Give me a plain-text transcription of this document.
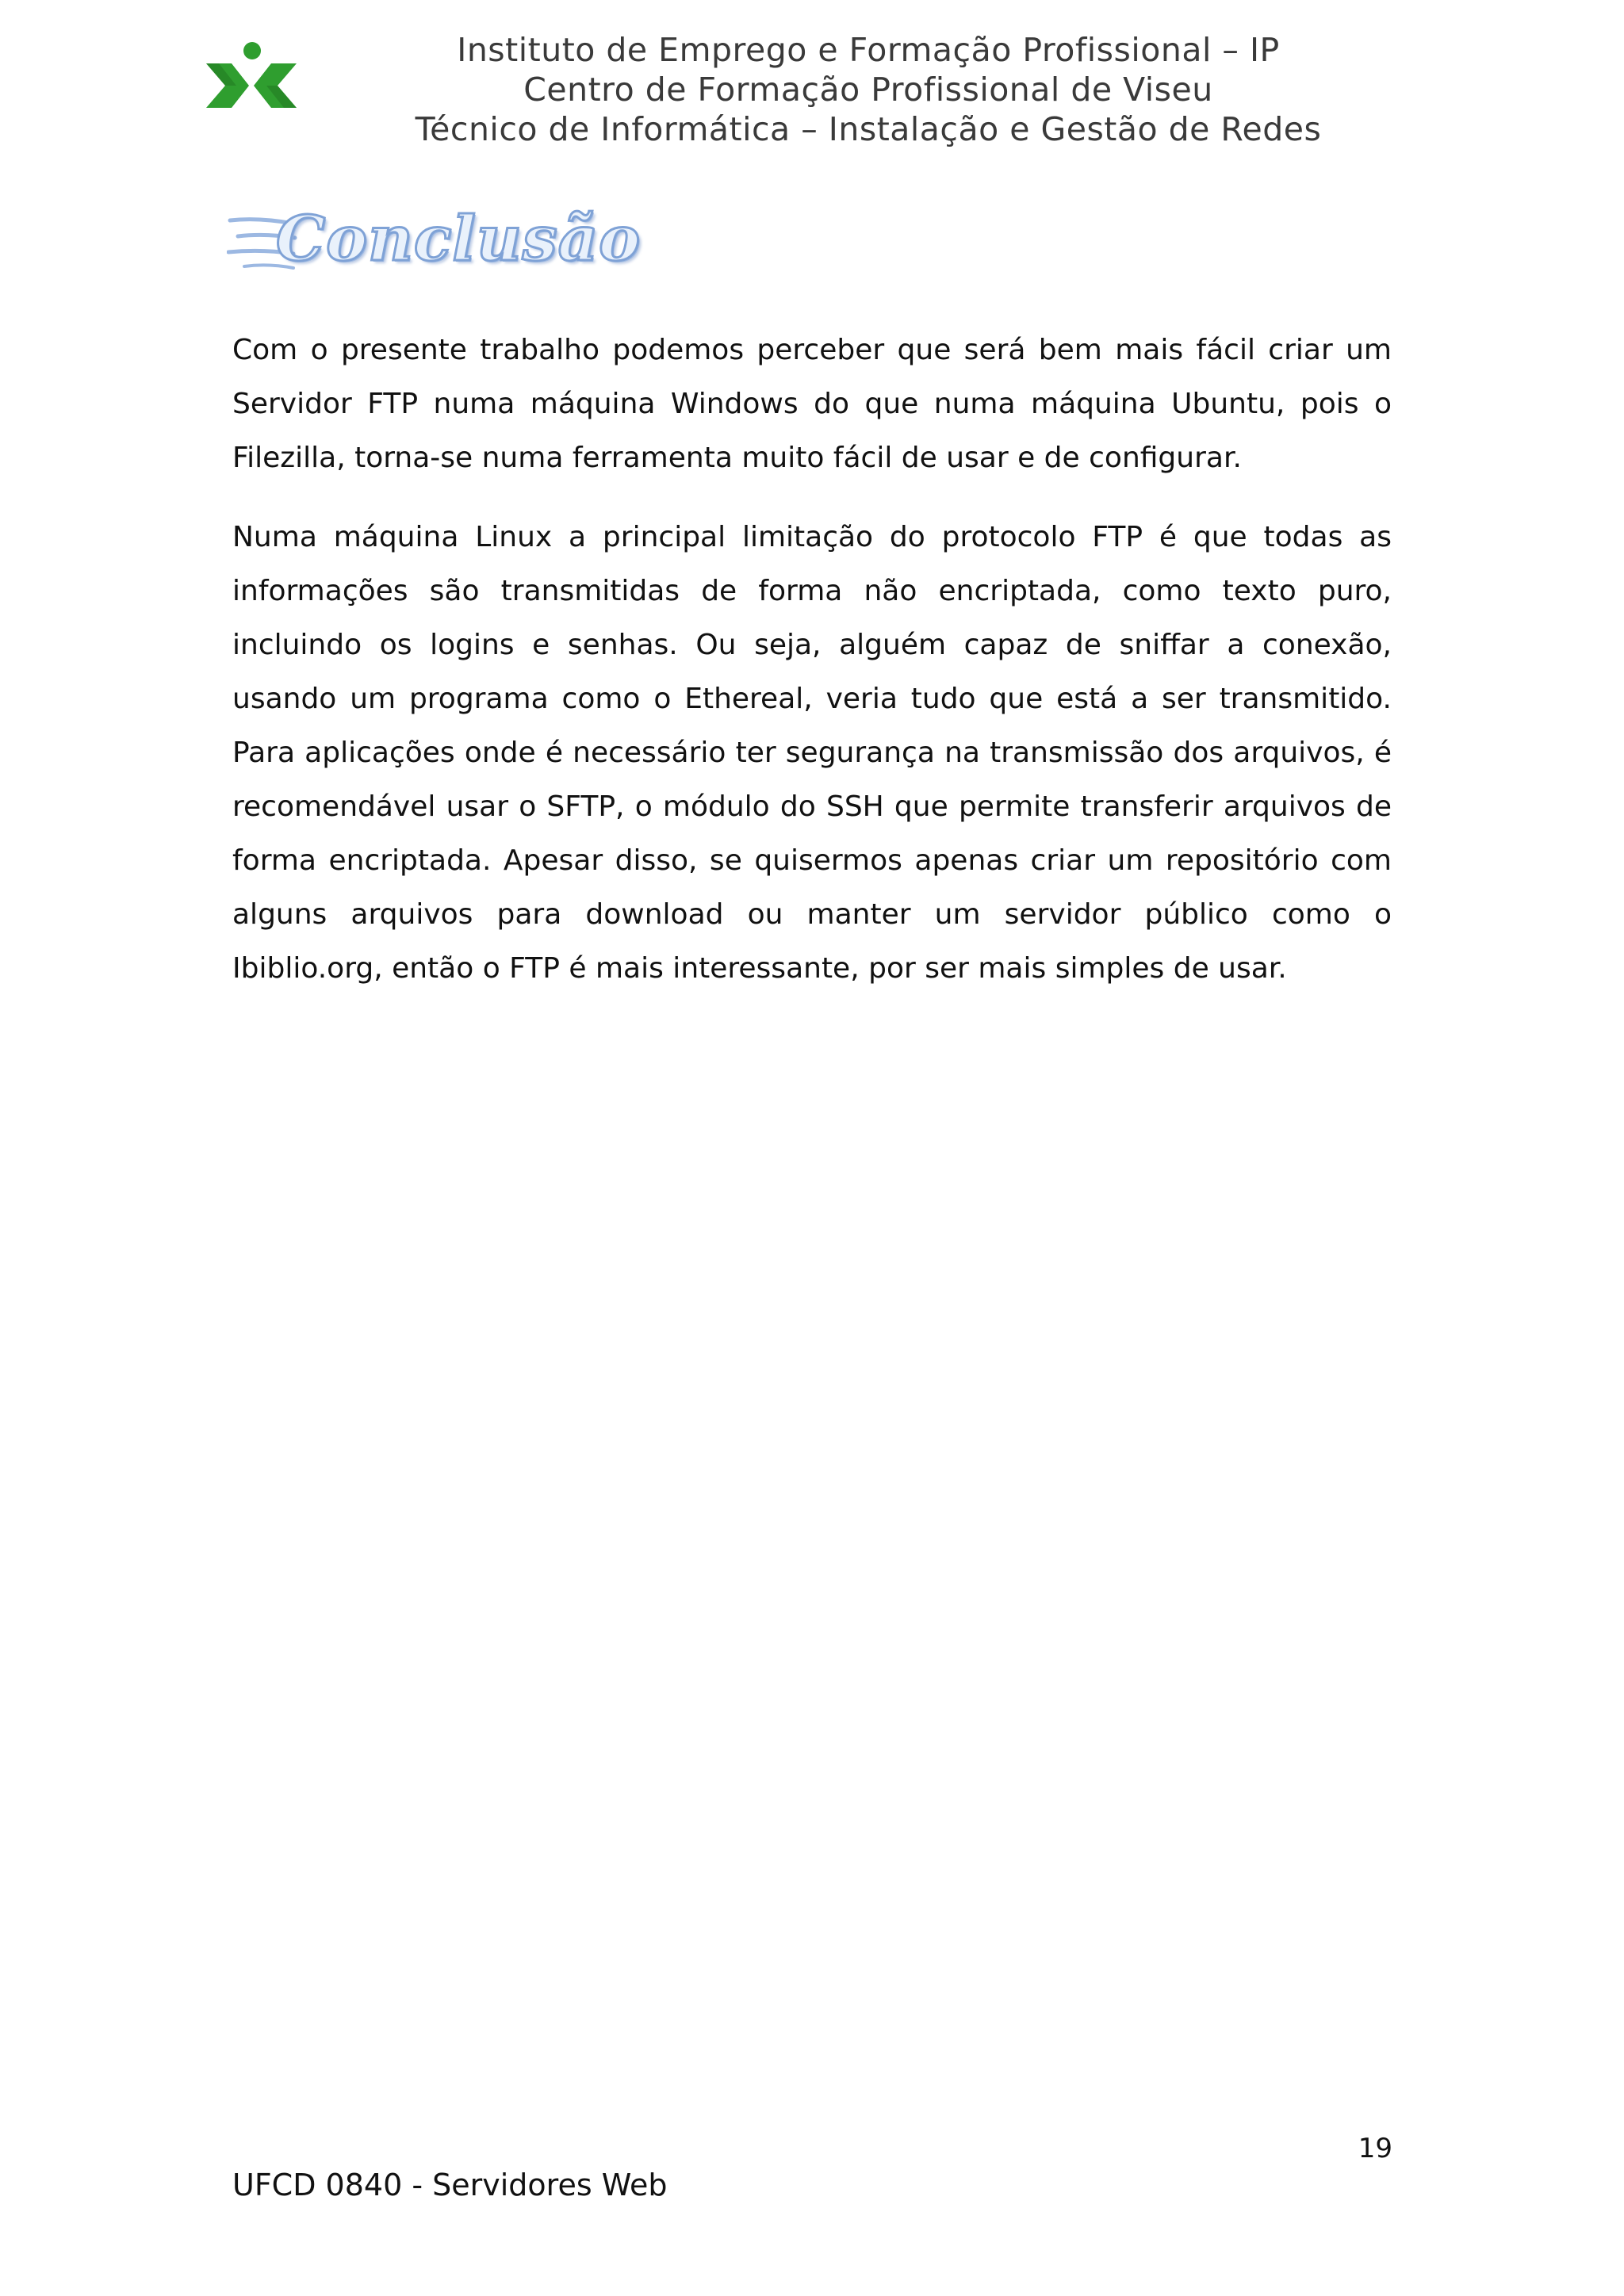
Instituto de Emprego e Formação Profissional – IP
Centro de Formação Profissional de Viseu
Técnico de Informática – Instalação e Gestão de Redes
Conclusão

Com o presente trabalho podemos perceber que será bem mais fácil criar um Servidor FTP numa máquina Windows do que numa máquina Ubuntu, pois o Filezilla, torna-se numa ferramenta muito fácil de usar e de configurar.

Numa máquina Linux a principal limitação do protocolo FTP é que todas as informações são transmitidas de forma não encriptada, como texto puro, incluindo os logins e senhas. Ou seja, alguém capaz de sniffar a conexão, usando um programa como o Ethereal, veria tudo que está a ser transmitido. Para aplicações onde é necessário ter segurança na transmissão dos arquivos, é recomendável usar o SFTP, o módulo do SSH que permite transferir arquivos de forma encriptada. Apesar disso, se quisermos apenas criar um repositório com alguns arquivos para download ou manter um servidor público como o Ibiblio.org, então o FTP é mais interessante, por ser mais simples de usar.

19
UFCD 0840 - Servidores Web
